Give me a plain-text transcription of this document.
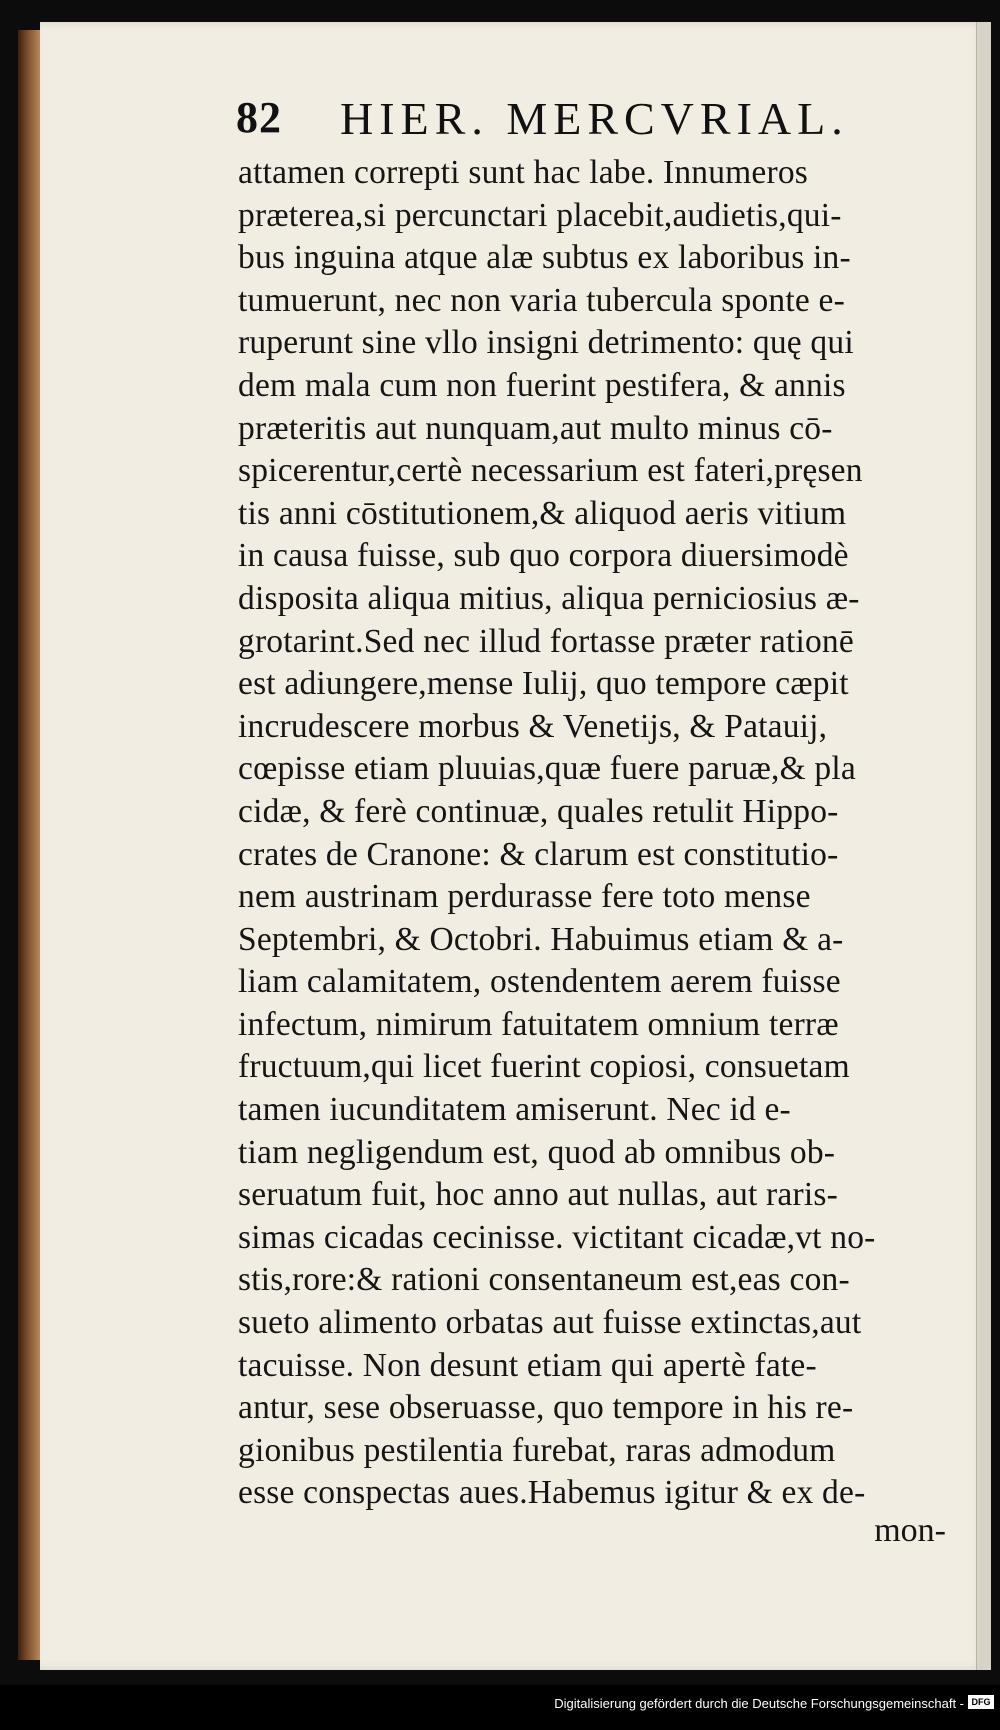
82 HIER. MERCVRIAL.
attamen correpti sunt hac labe. Innumeros
præterea,si percunctari placebit,audietis,qui-
bus inguina atque alæ subtus ex laboribus in-
tumuerunt, nec non varia tubercula sponte e-
ruperunt sine vllo insigni detrimento: quę qui
dem mala cum non fuerint pestifera, & annis
præteritis aut nunquam,aut multo minus cō-
spicerentur,certè necessarium est fateri,pręsen
tis anni cōstitutionem,& aliquod aeris vitium
in causa fuisse, sub quo corpora diuersimodè
disposita aliqua mitius, aliqua perniciosius æ-
grotarint.Sed nec illud fortasse præter rationē
est adiungere,mense Iulij, quo tempore cæpit
incrudescere morbus & Venetijs, & Patauij,
cœpisse etiam pluuias,quæ fuere paruæ,& pla
cidæ, & ferè continuæ, quales retulit Hippo-
crates de Cranone: & clarum est constitutio-
nem austrinam perdurasse fere toto mense
Septembri, & Octobri. Habuimus etiam & a-
liam calamitatem, ostendentem aerem fuisse
infectum, nimirum fatuitatem omnium terræ
fructuum,qui licet fuerint copiosi, consuetam
tamen iucunditatem amiserunt. Nec id e-
tiam negligendum est, quod ab omnibus ob-
seruatum fuit, hoc anno aut nullas, aut raris-
simas cicadas cecinisse. victitant cicadæ,vt no-
stis,rore:& rationi consentaneum est,eas con-
sueto alimento orbatas aut fuisse extinctas,aut
tacuisse. Non desunt etiam qui apertè fate-
antur, sese obseruasse, quo tempore in his re-
gionibus pestilentia furebat, raras admodum
esse conspectas aues.Habemus igitur & ex de-
mon-
Digitalisierung gefördert durch die Deutsche Forschungsgemeinschaft - DFG
